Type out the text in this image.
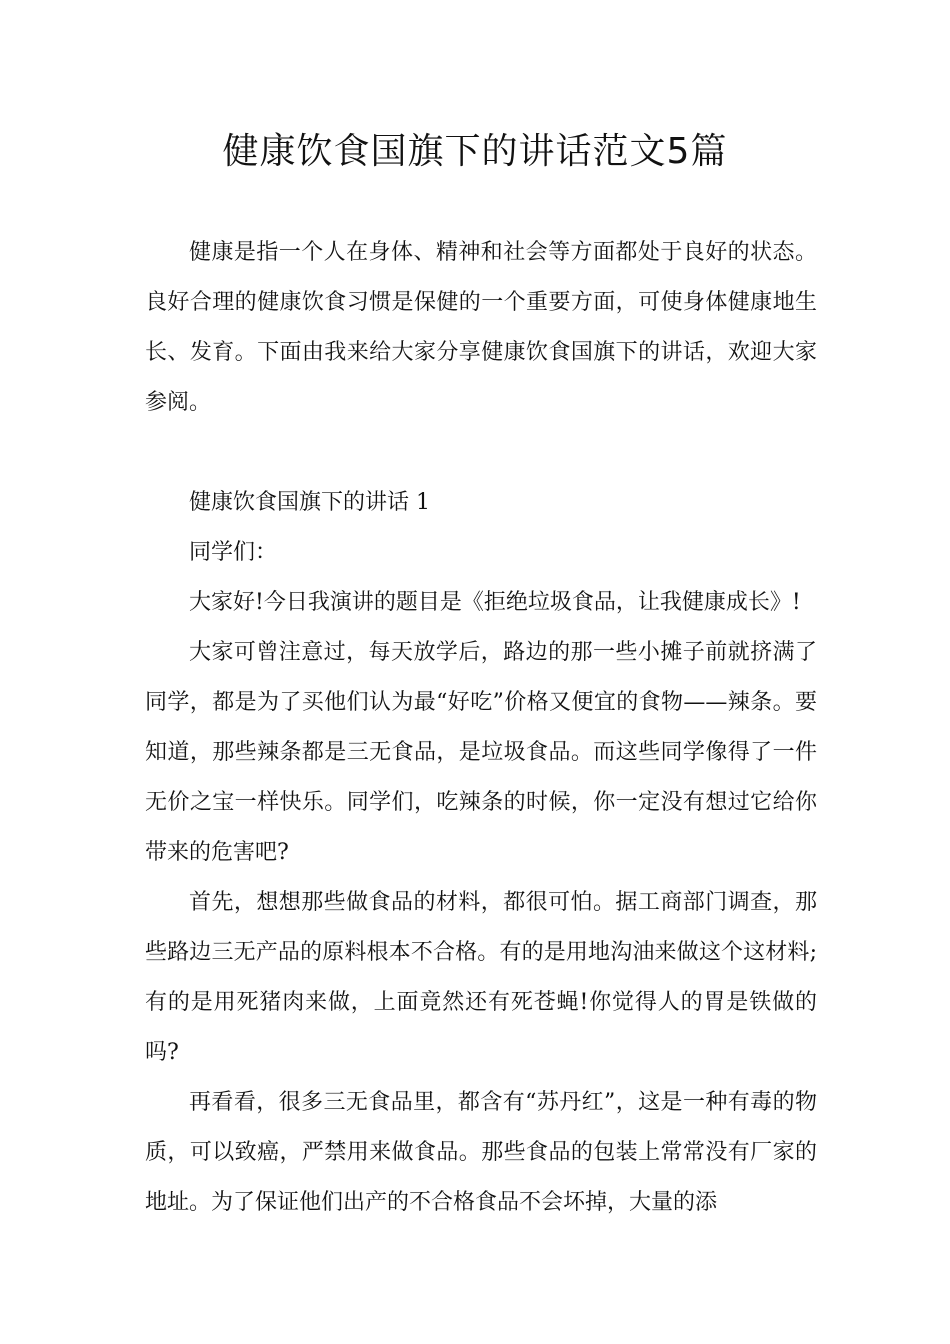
健康饮食国旗下的讲话范文5篇

健康是指一个人在身体、精神和社会等方面都处于良好的状态。良好合理的健康饮食习惯是保健的一个重要方面，可使身体健康地生长、发育。下面由我来给大家分享健康饮食国旗下的讲话，欢迎大家参阅。

健康饮食国旗下的讲话 1

同学们：

大家好!今日我演讲的题目是《拒绝垃圾食品，让我健康成长》!

大家可曾注意过，每天放学后，路边的那一些小摊子前就挤满了同学，都是为了买他们认为最“好吃”价格又便宜的食物——辣条。要知道，那些辣条都是三无食品，是垃圾食品。而这些同学像得了一件无价之宝一样快乐。同学们，吃辣条的时候，你一定没有想过它给你带来的危害吧?

首先，想想那些做食品的材料，都很可怕。据工商部门调查，那些路边三无产品的原料根本不合格。有的是用地沟油来做这个这材料;有的是用死猪肉来做，上面竟然还有死苍蝇!你觉得人的胃是铁做的吗?

再看看，很多三无食品里，都含有“苏丹红”，这是一种有毒的物质，可以致癌，严禁用来做食品。那些食品的包装上常常没有厂家的地址。为了保证他们出产的不合格食品不会坏掉，大量的添
